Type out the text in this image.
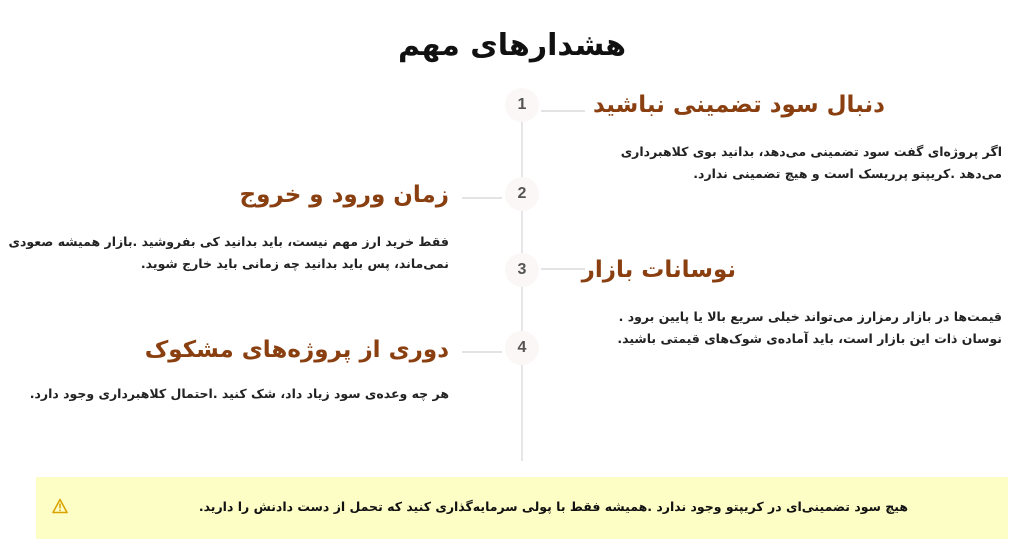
هشدارهای مهم
1	دنبال سود تضمینی نباشید
اگر پروژه‌ای گفت سود تضمینی می‌دهد، بدانید بوی کلاهبرداری می‌دهد .کریپتو پرریسک است و هیچ تضمینی ندارد.
2
زمان ورود و خروج
فقط خرید ارز مهم نیست، باید بدانید کی بفروشید .بازار همیشه صعودی نمی‌ماند، پس باید بدانید چه زمانی باید خارج شوید.	3	نوسانات بازار
قیمت‌ها در بازار رمزارز می‌تواند خیلی سریع بالا یا پایین برود . نوسان ذات این بازار است، باید آماده‌ی شوک‌های قیمتی باشید.
4
دوری از پروژه‌های مشکوک
هر چه وعده‌ی سود زیاد داد، شک کنید .احتمال کلاهبرداری وجود دارد.
هیچ سود تضمینی‌ای در کریپتو وجود ندارد .همیشه فقط با پولی سرمایه‌گذاری کنید که تحمل از دست دادنش را دارید.
